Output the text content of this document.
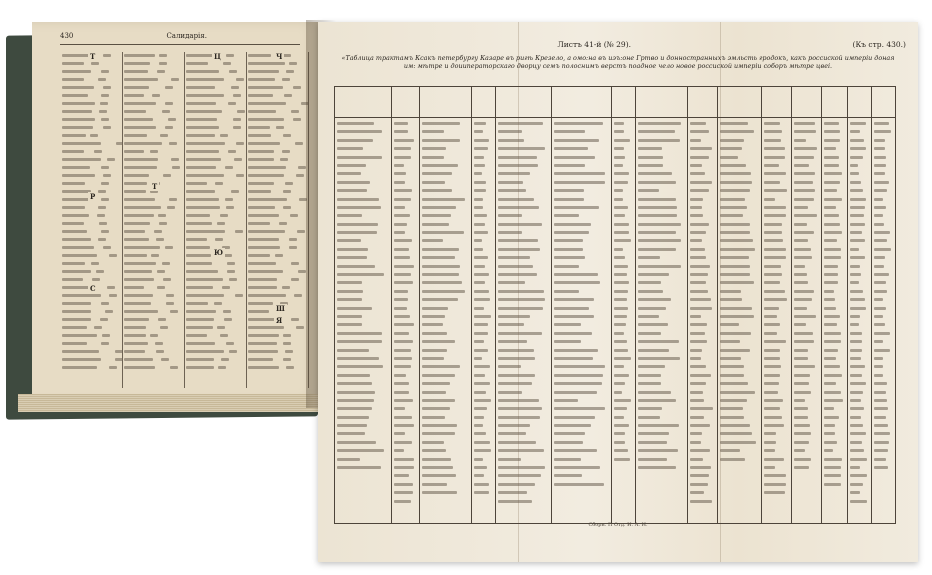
430	Салидарія.
Т
Р
С
Т
Ч
Ш
Ц
Ю
Я
Листъ 41-й (№ 29).	(Къ стр. 430.)
«Таблица трактамъ Ксакъ петербургу Казаре въ ригѣ Крезело, а омо:на въ иэъ:оне Гртво и донностранныхъ эмльсть гродокъ, какъ россиской имперіи доная им: мѣтре и доииператорскаго дворцу семъ полоснимъ верстъ поадное чело новое россиской имперіи соборъ мѣтре цвеі.
Сборн. П Отд. И. А. Н.
